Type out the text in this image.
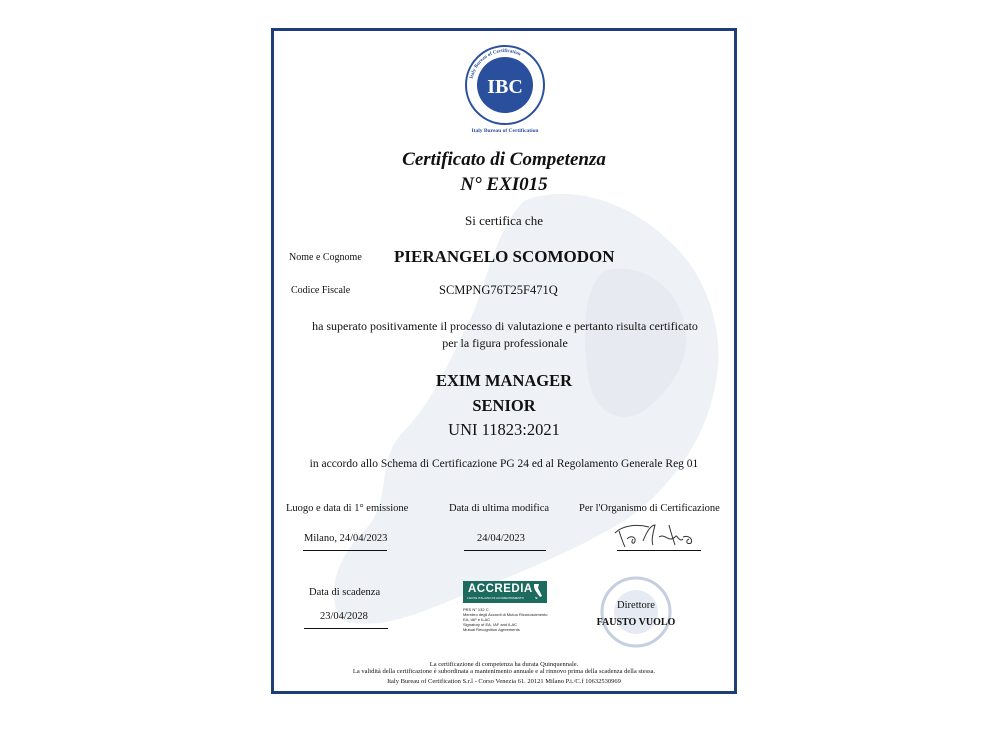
Italy Bureau of Certification
IBC
Italy Bureau of Certification
Certificato di Competenza
N° EXI015
Si certifica che
Nome e Cognome PIERANGELO SCOMODON
Codice Fiscale	SCMPNG76T25F471Q
ha superato positivamente il processo di valutazione e pertanto risulta certificato
per la figura professionale
EXIM MANAGER
SENIOR
UNI 11823:2021
in accordo allo Schema di Certificazione PG 24 ed al Regolamento Generale Reg 01
Luogo e data di 1° emissione	Data di ultima modifica	Per l'Organismo di Certificazione
Milano, 24/04/2023	24/04/2023
Data di scadenza
23/04/2028
ACCREDIA
L'ENTE ITALIANO DI ACCREDITAMENTO
PRS N° 132 C
Membro degli Accordi di Mutuo Riconoscimento
EA, IAF e ILAC
Signatory of EA, IAF and ILAC
Mutual Recognition Agreements
Direttore
FAUSTO VUOLO
La certificazione di competenza ha durata Quinquennale.
La validità della certificazione è subordinata a mantenimento annuale e al rinnovo prima della scadenza della stessa.
Italy Bureau of Certification S.r.l - Corso Venezia 61. 20121 Milano P.i./C.f 10632530969
